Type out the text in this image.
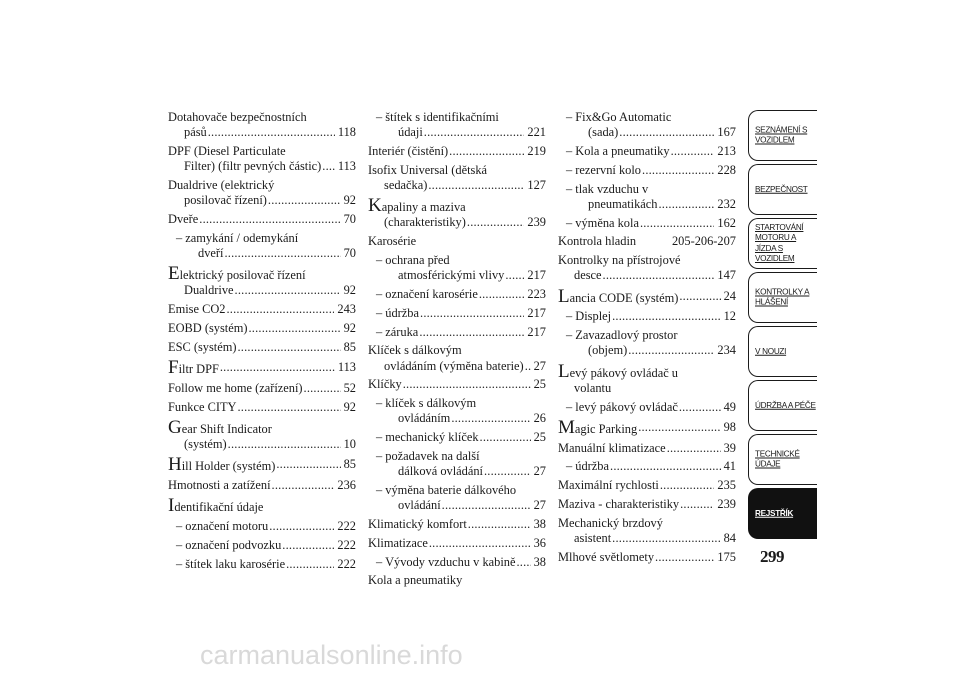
Dotahovače bezpečnostních
pásů .....	118
DPF (Diesel Particulate
Filter) (filtr pevných částic) ..... 113
Dualdrive (elektrický
posilovač řízení) .....	92
Dveře .....	70
– zamykání / odemykání
dveří .....	70
Elektrický posilovač řízení
Dualdrive .....	92
Emise CO2 .....	243
EOBD (systém) .....	92
ESC (systém) .....	85
Filtr DPF .....	113
Follow me home (zařízení) .....	52
Funkce CITY .....	92
Gear Shift Indicator
(systém) .....	10
Hill Holder (systém) .....	85
Hmotnosti a zatížení .....	236
Identifikační údaje
– označení motoru .....	222
– označení podvozku .....	222
– štítek laku karosérie .....	222
– štítek s identifikačními
údaji .....	221
Interiér (čistění) .....	219
Isofix Universal (dětská
sedačka) .....	127
Kapaliny a maziva
(charakteristiky) .....	239
Karosérie
– ochrana před
atmosférickými vlivy ..... 217
– označení karosérie .....	223
– údržba .....	217
– záruka .....	217
Klíček s dálkovým
ovládáním (výměna baterie) ..... 27
Klíčky .....	25
– klíček s dálkovým
ovládáním .....	26
– mechanický klíček .....	25
– požadavek na další
dálková ovládání .....	27
– výměna baterie dálkového
ovládání .....	27
Klimatický komfort .....	38
Klimatizace .....	36
– Vývody vzduchu v kabině ..... 38
Kola a pneumatiky
– Fix&Go Automatic
(sada) .....	167
– Kola a pneumatiky .....	213
– rezervní kolo .....	228
– tlak vzduchu v
pneumatikách .....	232
– výměna kola .....	162
Kontrola hladin	205-206-207
Kontrolky na přístrojové
desce .....	147
Lancia CODE (systém) .....	24
– Displej .....	12
– Zavazadlový prostor
(objem) .....	234
Levý pákový ovládač u
volantu
– levý pákový ovládač .....	49
Magic Parking .....	98
Manuální klimatizace .....	39
– údržba .....	41
Maximální rychlosti .....	235
Maziva - charakteristiky .....	239
Mechanický brzdový
asistent .....	84
Mlhové světlomety .....	175
SEZNÁMENÍ S VOZIDLEM
BEZPEČNOST
STARTOVÁNÍ MOTORU A JÍZDA S VOZIDLEM
KONTROLKY A HLÁŠENÍ
V NOUZI
ÚDRŽBA A PÉČE
TECHNICKÉ ÚDAJE
REJSTŘÍK
299
carmanualsonline.info
